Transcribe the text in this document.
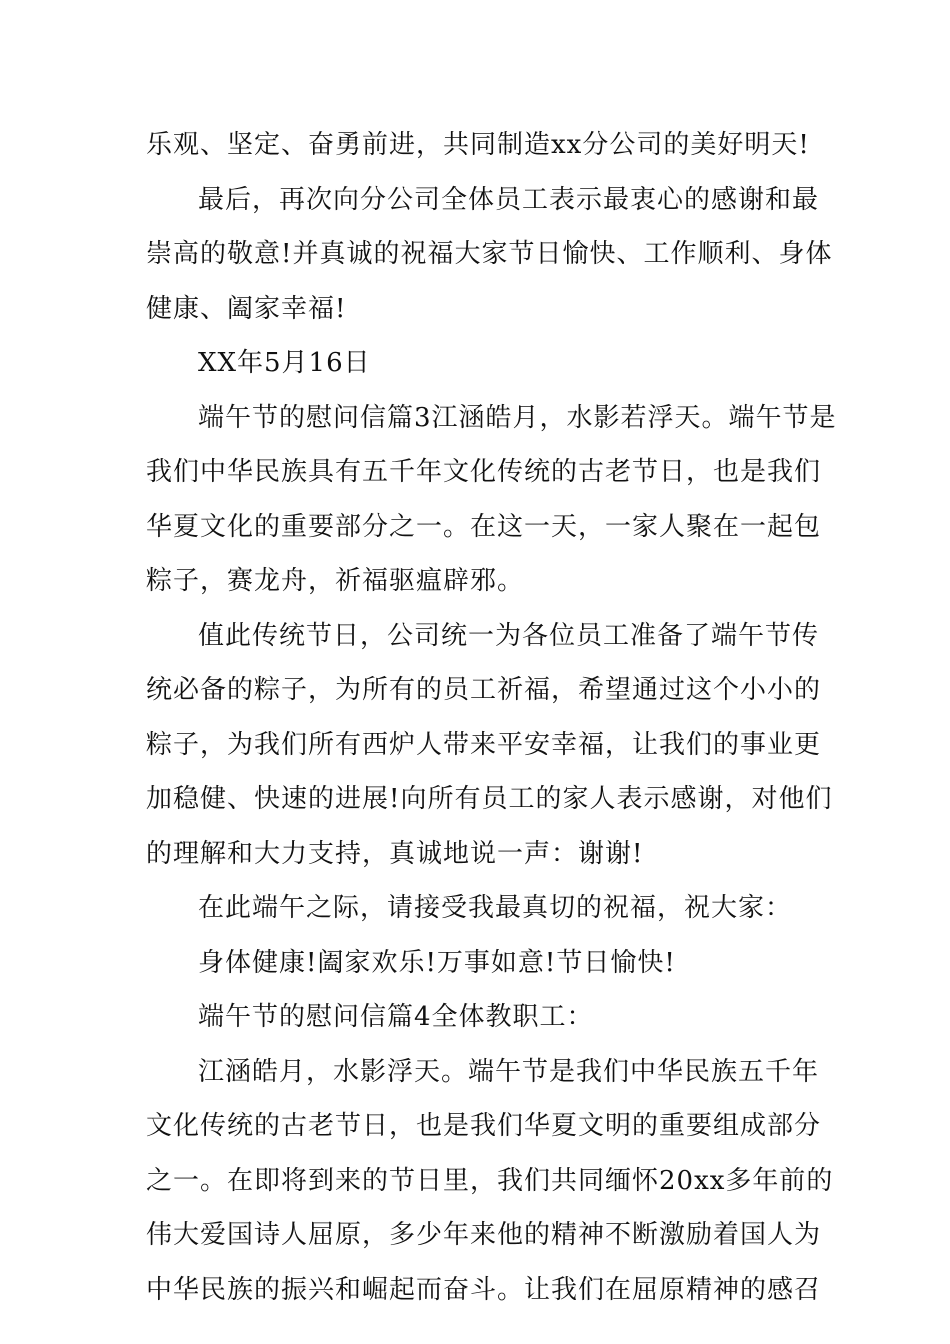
乐观、坚定、奋勇前进，共同制造xx分公司的美好明天!

最后，再次向分公司全体员工表示最衷心的感谢和最

崇高的敬意!并真诚的祝福大家节日愉快、工作顺利、身体

健康、阖家幸福!

XX年5月16日

端午节的慰问信篇3江涵皓月，水影若浮天。端午节是

我们中华民族具有五千年文化传统的古老节日，也是我们

华夏文化的重要部分之一。在这一天，一家人聚在一起包

粽子，赛龙舟，祈福驱瘟辟邪。

值此传统节日，公司统一为各位员工准备了端午节传

统必备的粽子，为所有的员工祈福，希望通过这个小小的

粽子，为我们所有西炉人带来平安幸福，让我们的事业更

加稳健、快速的进展!向所有员工的家人表示感谢，对他们

的理解和大力支持，真诚地说一声：谢谢!

在此端午之际，请接受我最真切的祝福，祝大家：

身体健康!阖家欢乐!万事如意!节日愉快!

端午节的慰问信篇4全体教职工：

江涵皓月，水影浮天。端午节是我们中华民族五千年

文化传统的古老节日，也是我们华夏文明的重要组成部分

之一。在即将到来的节日里，我们共同缅怀20xx多年前的

伟大爱国诗人屈原，多少年来他的精神不断激励着国人为

中华民族的振兴和崛起而奋斗。让我们在屈原精神的感召
